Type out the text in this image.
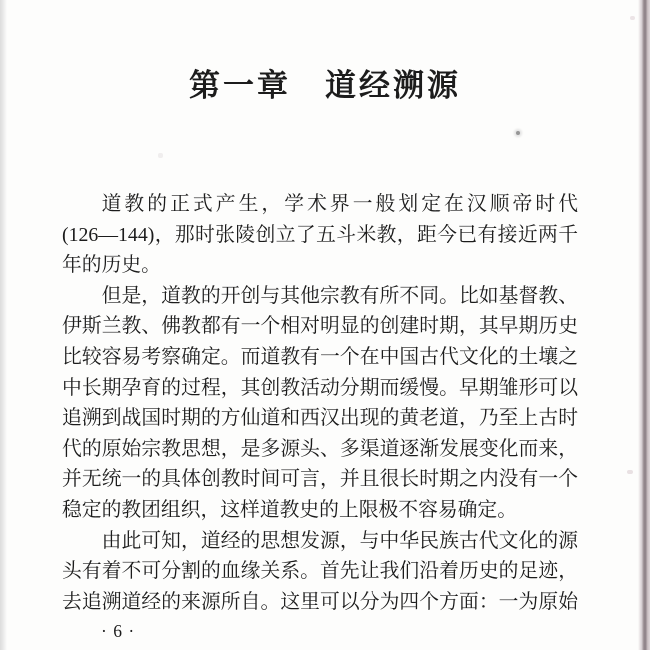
第一章　道经溯源
道教的正式产生，学术界一般划定在汉顺帝时代
(126—144)，那时张陵创立了五斗米教，距今已有接近两千
年的历史。
但是，道教的开创与其他宗教有所不同。比如基督教、
伊斯兰教、佛教都有一个相对明显的创建时期，其早期历史
比较容易考察确定。而道教有一个在中国古代文化的土壤之
中长期孕育的过程，其创教活动分期而缓慢。早期雏形可以
追溯到战国时期的方仙道和西汉出现的黄老道，乃至上古时
代的原始宗教思想，是多源头、多渠道逐渐发展变化而来，
并无统一的具体创教时间可言，并且很长时期之内没有一个
稳定的教团组织，这样道教史的上限极不容易确定。
由此可知，道经的思想发源，与中华民族古代文化的源
头有着不可分割的血缘关系。首先让我们沿着历史的足迹，
去追溯道经的来源所自。这里可以分为四个方面：一为原始
· 6 ·
